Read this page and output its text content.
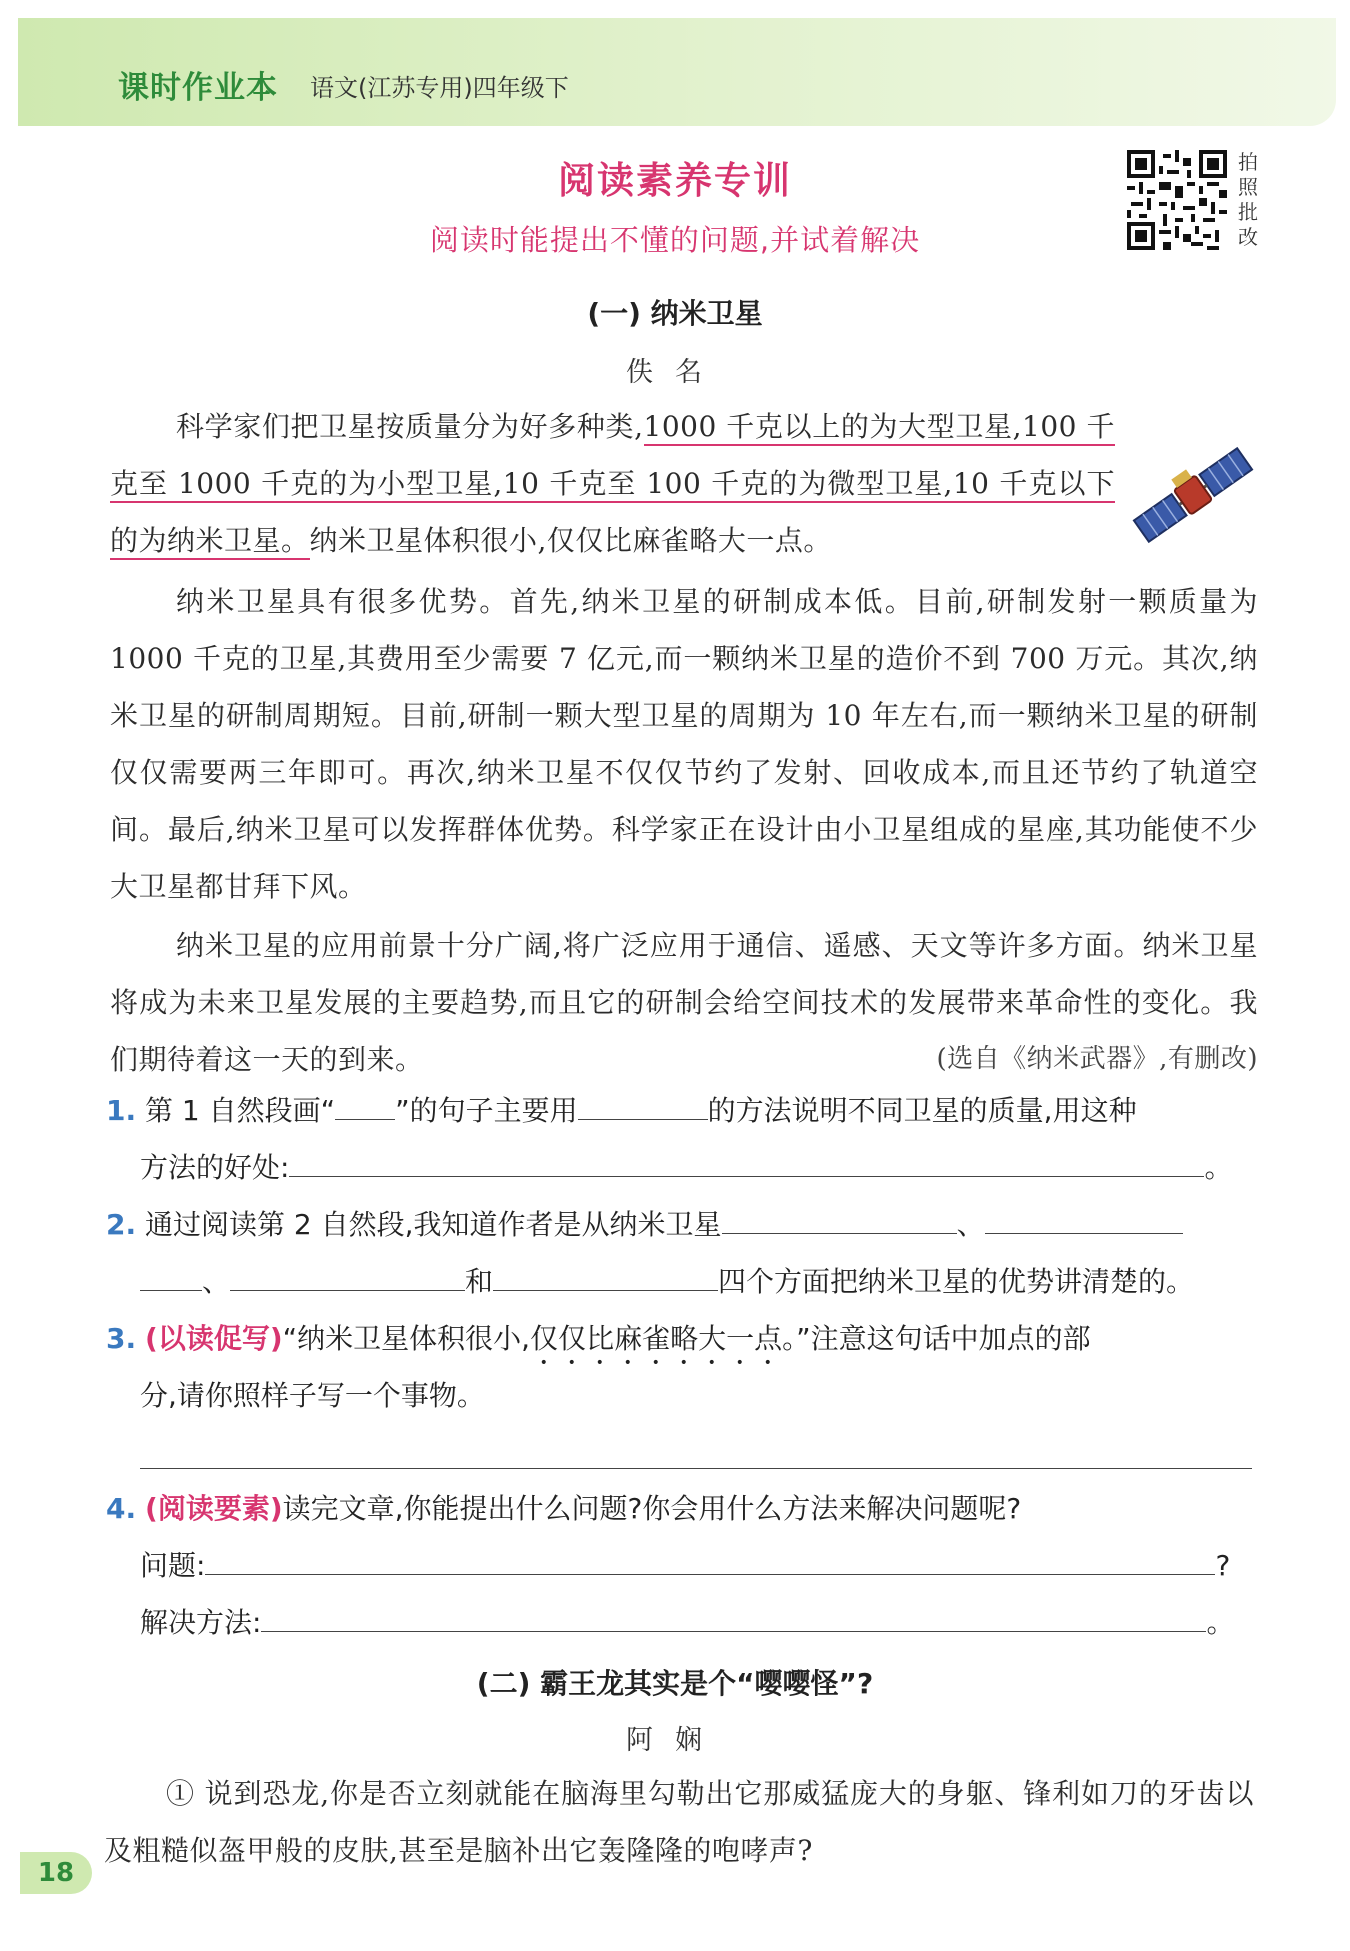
课时作业本 语文(江苏专用)四年级下
阅读素养专训
阅读时能提出不懂的问题,并试着解决
拍照批改
(一) 纳米卫星
佚名
科学家们把卫星按质量分为好多种类,1000 千克以上的为大型卫星,100 千克至 1000 千克的为小型卫星,10 千克至 100 千克的为微型卫星,10 千克以下的为纳米卫星。纳米卫星体积很小,仅仅比麻雀略大一点。
纳米卫星具有很多优势。首先,纳米卫星的研制成本低。目前,研制发射一颗质量为 1000 千克的卫星,其费用至少需要 7 亿元,而一颗纳米卫星的造价不到 700 万元。其次,纳米卫星的研制周期短。目前,研制一颗大型卫星的周期为 10 年左右,而一颗纳米卫星的研制仅仅需要两三年即可。再次,纳米卫星不仅仅节约了发射、回收成本,而且还节约了轨道空间。最后,纳米卫星可以发挥群体优势。科学家正在设计由小卫星组成的星座,其功能使不少大卫星都甘拜下风。
纳米卫星的应用前景十分广阔,将广泛应用于通信、遥感、天文等许多方面。纳米卫星将成为未来卫星发展的主要趋势,而且它的研制会给空间技术的发展带来革命性的变化。我们期待着这一天的到来。	(选自《纳米武器》,有删改)
1. 第 1 自然段画“ ”的句子主要用	的方法说明不同卫星的质量,用这种
方法的好处:	。
2. 通过阅读第 2 自然段,我知道作者是从纳米卫星	、
、	和	四个方面把纳米卫星的优势讲清楚的。
3. (以读促写)“纳米卫星体积很小,仅仅比麻雀略大一点。”注意这句话中加点的部
分,请你照样子写一个事物。
4. (阅读要素)读完文章,你能提出什么问题?你会用什么方法来解决问题呢?
问题:	?
解决方法:	。
(二) 霸王龙其实是个“嘤嘤怪”?
阿娴
① 说到恐龙,你是否立刻就能在脑海里勾勒出它那威猛庞大的身躯、锋利如刀的牙齿以及粗糙似盔甲般的皮肤,甚至是脑补出它轰隆隆的咆哮声?
18
